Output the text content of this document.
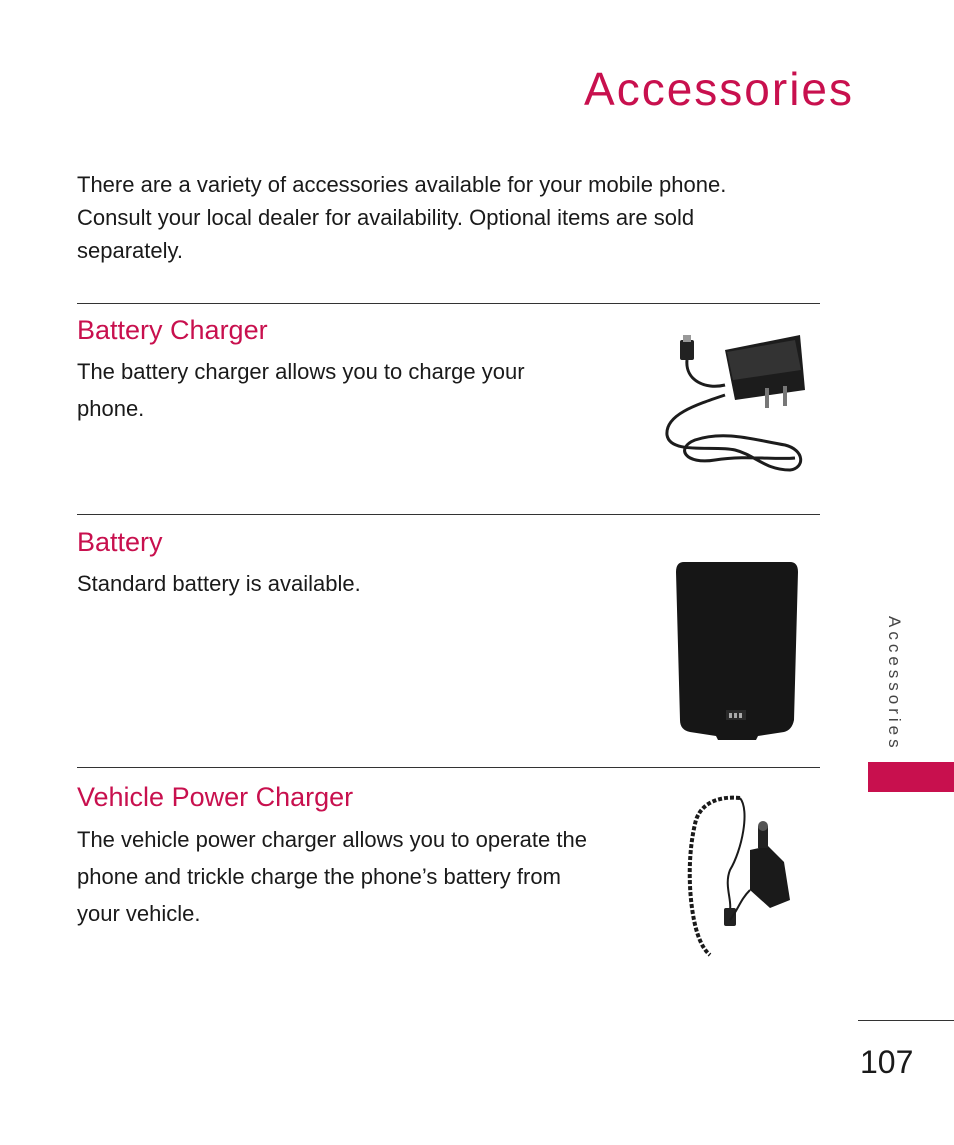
Accessories

There are a variety of accessories available for your mobile phone. Consult your local dealer for availability. Optional items are sold separately.

Battery Charger

The battery charger allows you to charge your phone.

Battery

Standard battery is available.

Vehicle Power Charger

The vehicle power charger allows you to operate the phone and trickle charge the phone’s battery from your vehicle.

Accessories
107
